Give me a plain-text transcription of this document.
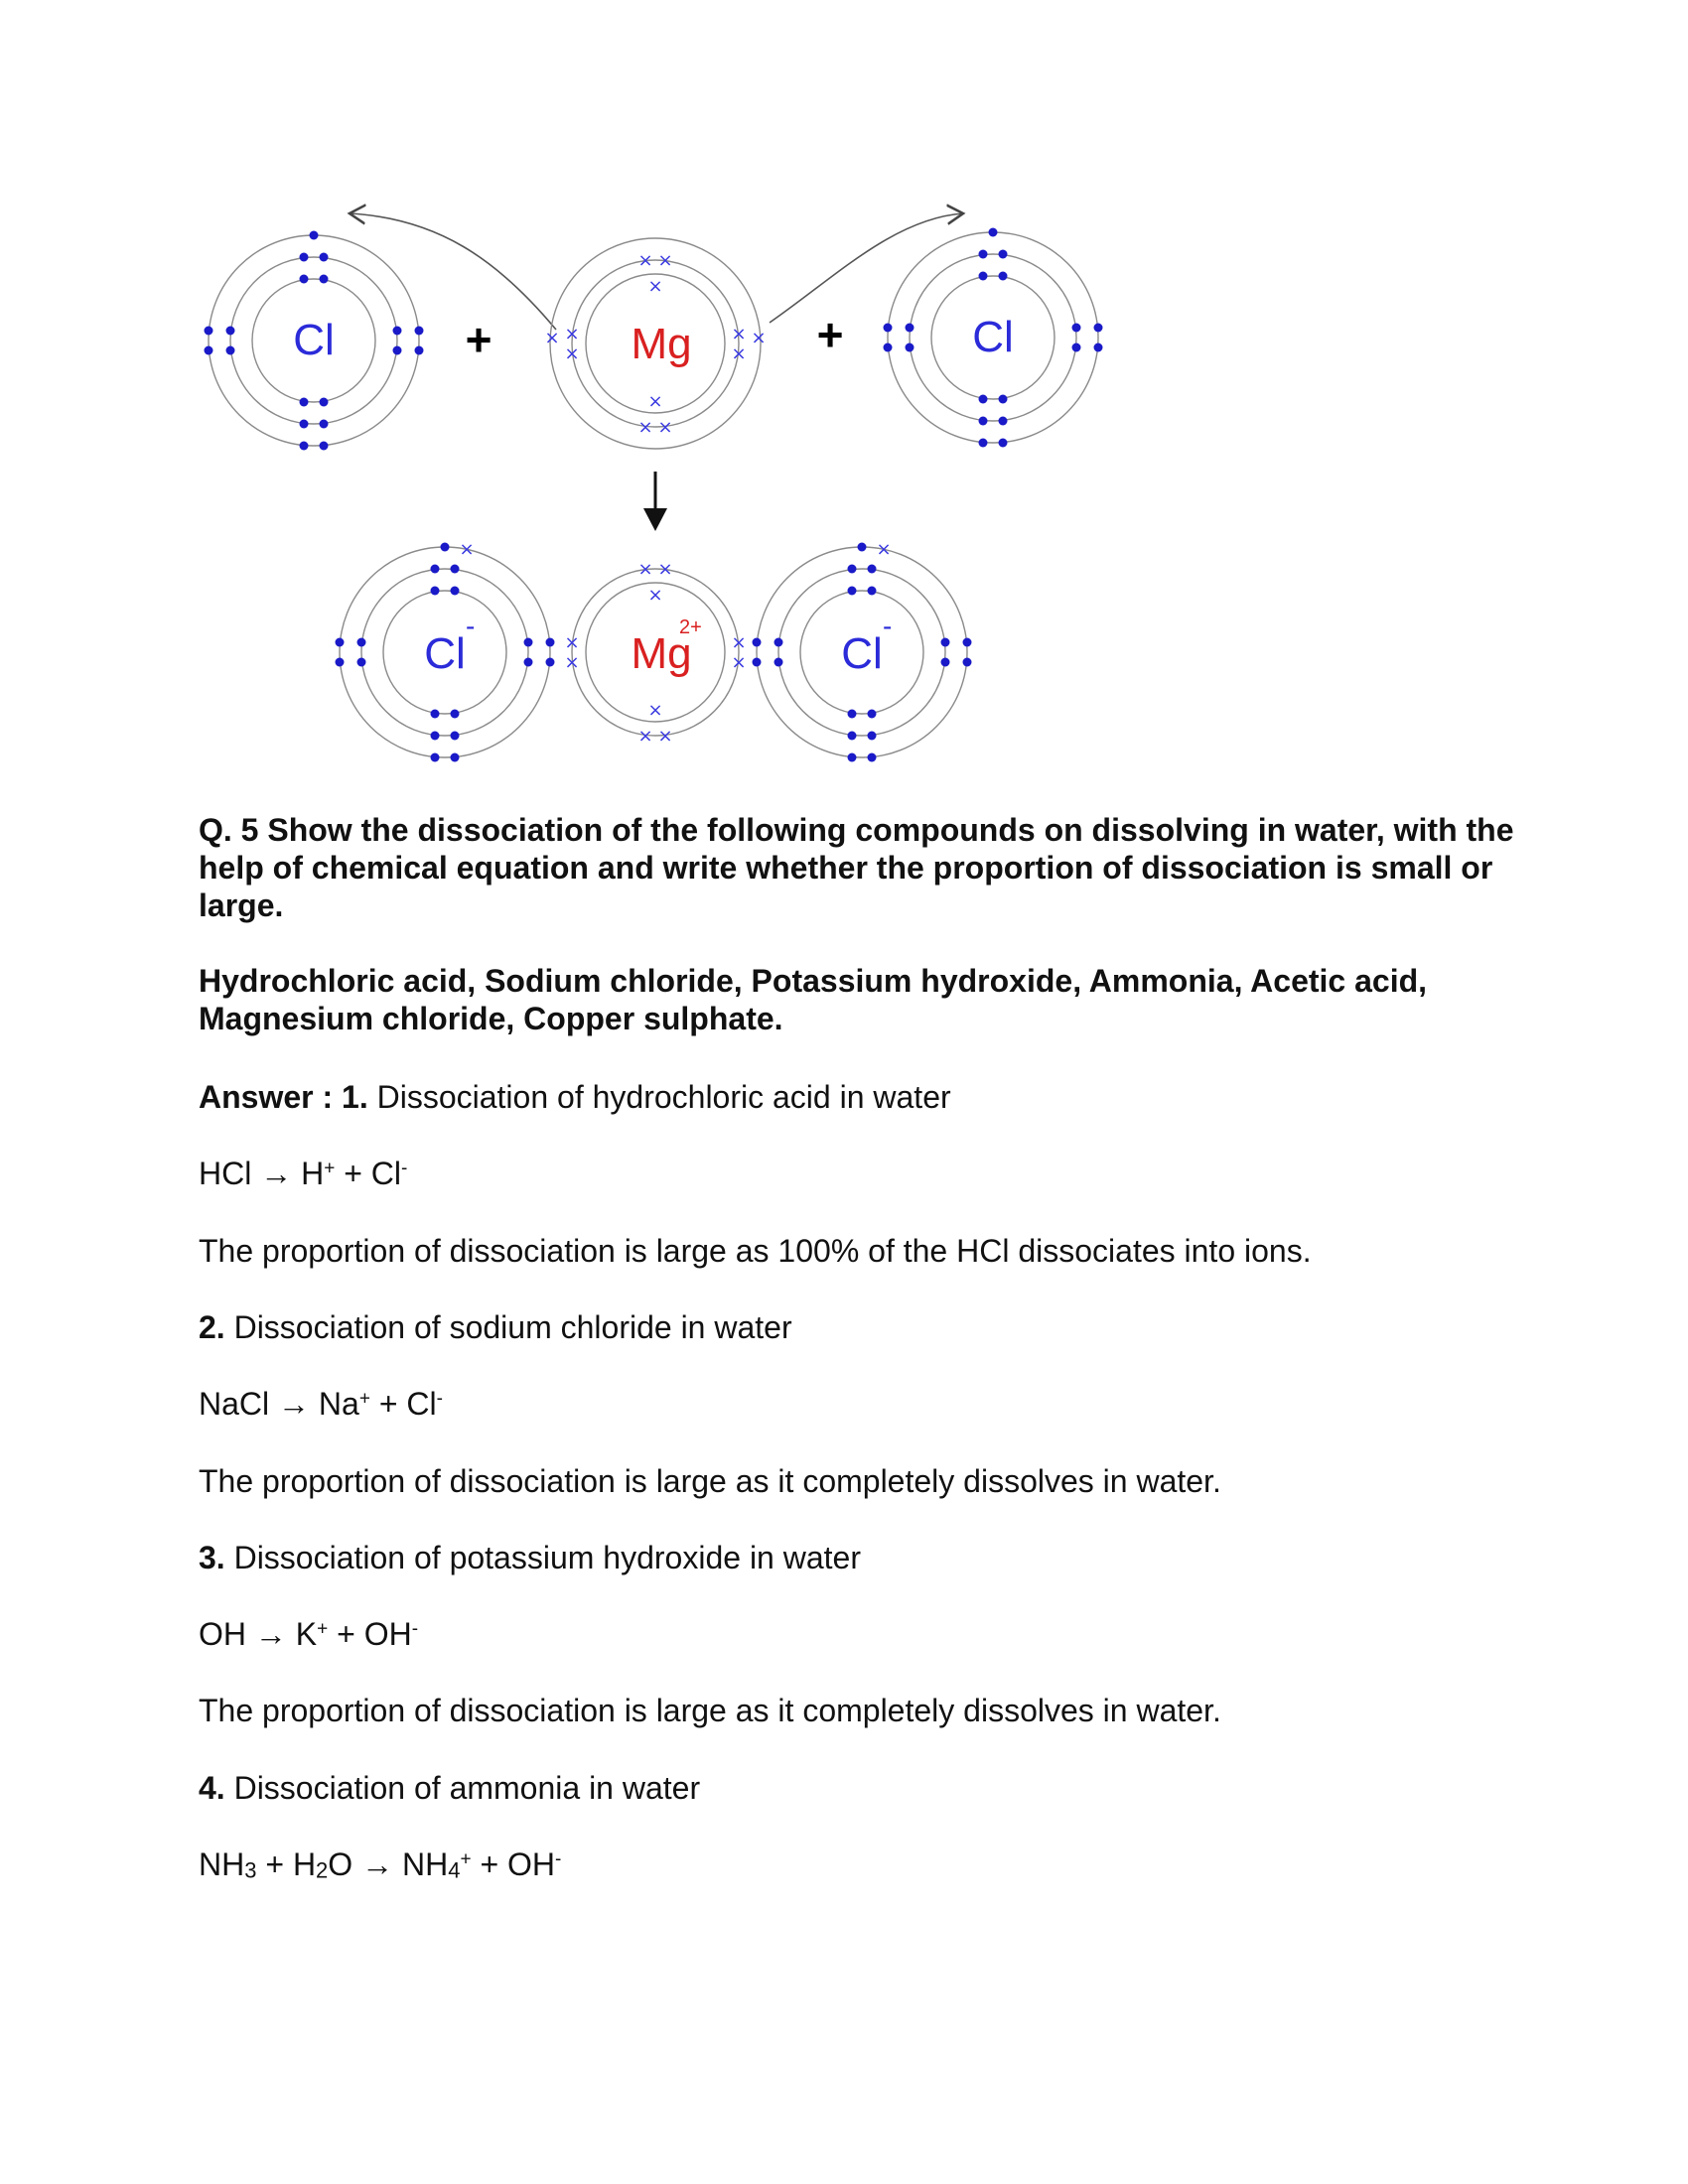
+	+
× ×
× ×
×
×
×
×
×
×
×	×
×
× ×
× ×
×
×
×
×
×
×
×
Cl	Mg	Cl
Cl
-
Mg
2+
Cl
-
Q. 5 Show the dissociation of the following compounds on dissolving in water, with the help of chemical equation and write whether the proportion of dissociation is small or large.
Hydrochloric acid, Sodium chloride, Potassium hydroxide, Ammonia, Acetic acid, Magnesium chloride, Copper sulphate.
Answer : 1. Dissociation of hydrochloric acid in water
HCl → H+ + Cl-
The proportion of dissociation is large as 100% of the HCl dissociates into ions.
2. Dissociation of sodium chloride in water
NaCl → Na+ + Cl-
The proportion of dissociation is large as it completely dissolves in water.
3. Dissociation of potassium hydroxide in water
OH → K+ + OH-
The proportion of dissociation is large as it completely dissolves in water.
4. Dissociation of ammonia in water
$NH_3 + H_2O \to NH_4^+ + OH^-$
